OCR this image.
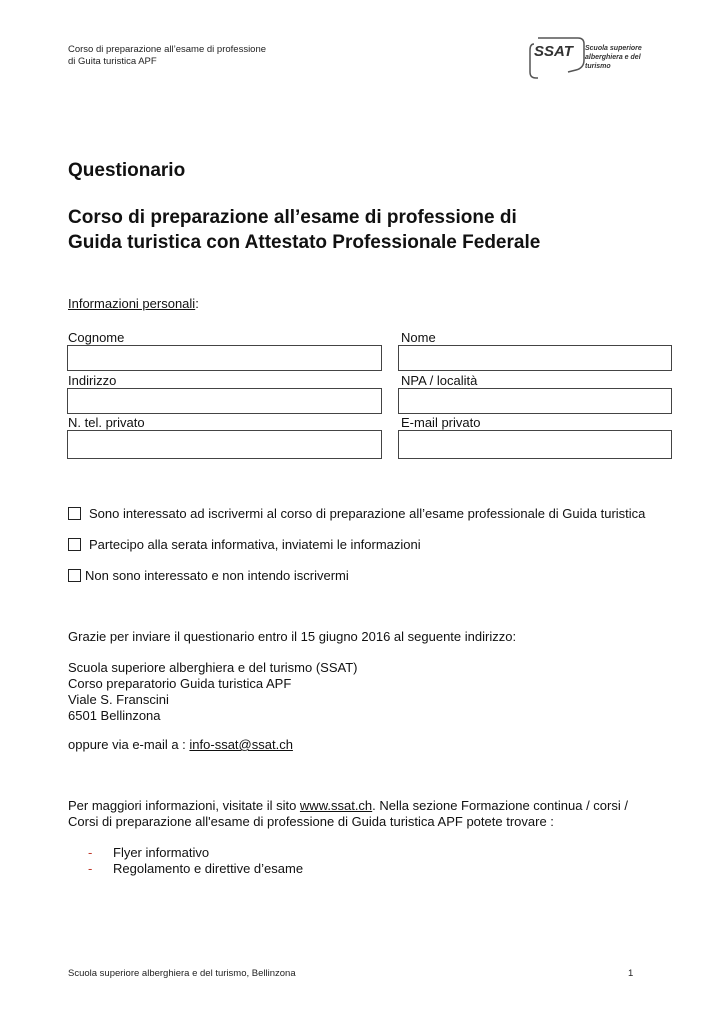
Corso di preparazione all’esame di professione
di Guita turistica APF
SSAT Scuola superiore
alberghiera e del turismo
Questionario
Corso di preparazione all’esame di professione di
Guida turistica con Attestato Professionale Federale
Informazioni personali:
Cognome	Nome
Indirizzo	NPA / località
N. tel. privato	E-mail privato
Sono interessato ad iscrivermi al corso di preparazione all’esame professionale di Guida turistica
Partecipo alla serata informativa, inviatemi le informazioni
Non sono interessato e non intendo iscrivermi
Grazie per inviare il questionario entro il 15 giugno 2016 al seguente indirizzo:
Scuola superiore alberghiera e del turismo (SSAT)
Corso preparatorio Guida turistica APF
Viale S. Franscini
6501 Bellinzona
oppure via e-mail a : info-ssat@ssat.ch
Per maggiori informazioni, visitate il sito www.ssat.ch. Nella sezione Formazione continua / corsi /
Corsi di preparazione all'esame di professione di Guida turistica APF potete trovare :
- Flyer informativo
- Regolamento e direttive d’esame
Scuola superiore alberghiera e del turismo, Bellinzona	1
